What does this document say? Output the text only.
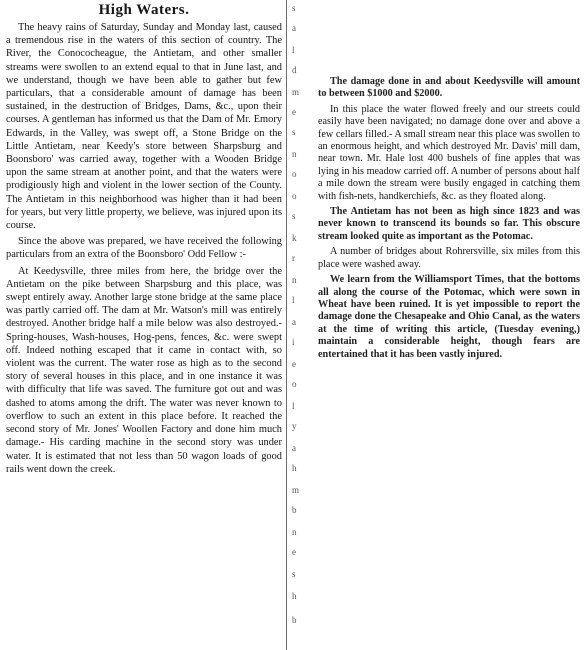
High Waters.

The heavy rains of Saturday, Sunday and Monday last, caused a tremendous rise in the waters of this section of country. The River, the Conococheague, the Antietam, and other smaller streams were swollen to an extend equal to that in June last, and we understand, though we have been able to gather but few particulars, that a considerable amount of damage has been sustained, in the destruction of Bridges, Dams, &c., upon their courses. A gentleman has informed us that the Dam of Mr. Emory Edwards, in the Valley, was swept off, a Stone Bridge on the Little Antietam, near Keedy's store between Sharpsburg and Boonsboro' was carried away, together with a Wooden Bridge upon the same stream at another point, and that the waters were prodigiously high and violent in the lower section of the County. The Antietam in this neighborhood was higher than it had been for years, but very little property, we believe, was injured upon its course.

Since the above was prepared, we have received the following particulars from an extra of the Boonsboro' Odd Fellow :-

At Keedysville, three miles from here, the bridge over the Antietam on the pike between Sharpsburg and this place, was swept entirely away. Another large stone bridge at the same place was partly carried off. The dam at Mr. Watson's mill was entirely destroyed. Another bridge half a mile below was also destroyed.- Spring-houses, Wash-houses, Hog-pens, fences, &c. were swept off. Indeed nothing escaped that it came in contact with, so violent was the current. The water rose as high as to the second story of several houses in this place, and in one instance it was with difficulty that life was saved. The furniture got out and was dashed to atoms among the drift. The water was never known to overflow to such an extent in this place before. It reached the second story of Mr. Jones' Woollen Factory and done him much damage.- His carding machine in the second story was under water. It is estimated that not less than 50 wagon loads of good rails went down the creek.

s
a
l
d
m
e
s
n
o
o
s
k
r
n
l
a
i
e
o
l
y
a
h
m
b
n
e
s
h
b

The damage done in and about Keedysville will amount to between $1000 and $2000.

In this place the water flowed freely and our streets could easily have been navigated; no damage done over and above a few cellars filled.- A small stream near this place was swollen to an enormous height, and which destroyed Mr. Davis' mill dam, near town. Mr. Hale lost 400 bushels of fine apples that was lying in his meadow carried off. A number of persons about half a mile down the stream were busily engaged in catching them with fish-nets, handkerchiefs, &c. as they floated along.

The Antietam has not been as high since 1823 and was never known to transcend its bounds so far. This obscure stream looked quite as important as the Potomac.

A number of bridges about Rohrersville, six miles from this place were washed away.

We learn from the Williamsport Times, that the bottoms all along the course of the Potomac, which were sown in Wheat have been ruined. It is yet impossible to report the damage done the Chesapeake and Ohio Canal, as the waters at the time of writing this article, (Tuesday evening,) maintain a considerable height, though fears are entertained that it has been vastly injured.
